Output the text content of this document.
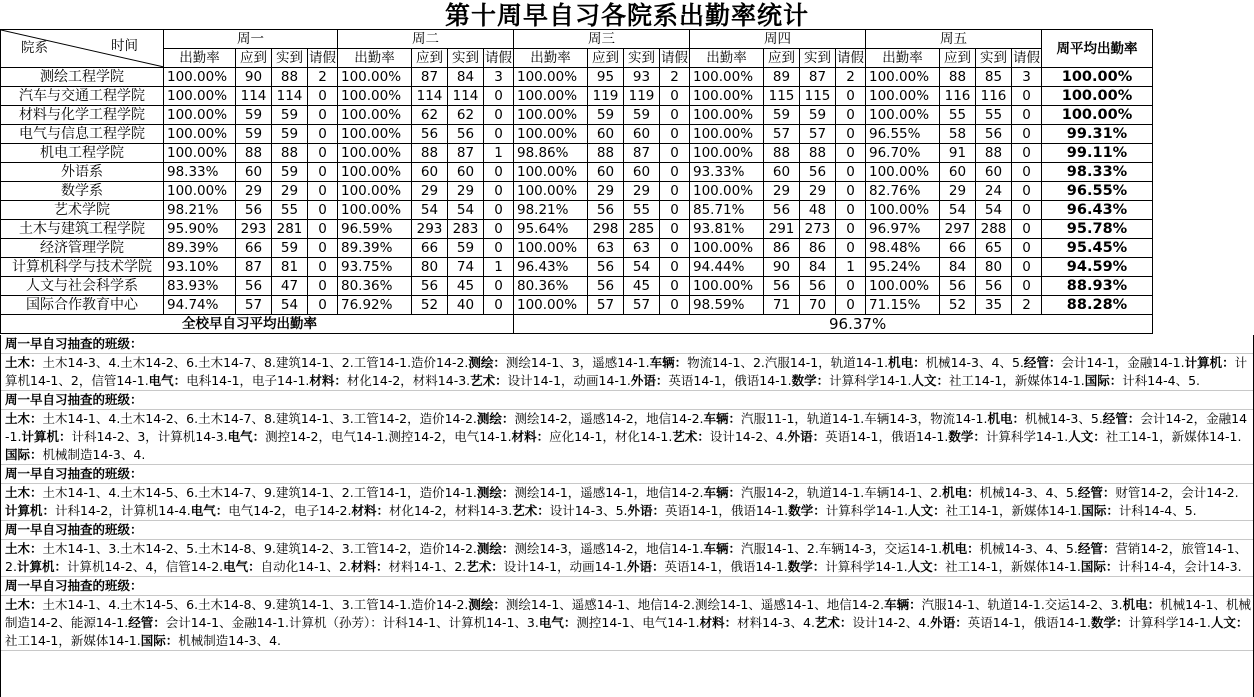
第十周早自习各院系出勤率统计
院系 时间	周一				周二				周三				周四				周五				周平均出勤率
	出勤率	应到	实到	请假	出勤率	应到	实到	请假	出勤率	应到	实到	请假	出勤率	应到	实到	请假	出勤率	应到	实到	请假	
测绘工程学院	100.00%	90	88	2	100.00%	87	84	3	100.00%	95	93	2	100.00%	89	87	2	100.00%	88	85	3	100.00%
汽车与交通工程学院	100.00%	114	114	0	100.00%	114	114	0	100.00%	119	119	0	100.00%	115	115	0	100.00%	116	116	0	100.00%
材料与化学工程学院	100.00%	59	59	0	100.00%	62	62	0	100.00%	59	59	0	100.00%	59	59	0	100.00%	55	55	0	100.00%
电气与信息工程学院	100.00%	59	59	0	100.00%	56	56	0	100.00%	60	60	0	100.00%	57	57	0	96.55%	58	56	0	99.31%
机电工程学院	100.00%	88	88	0	100.00%	88	87	1	98.86%	88	87	0	100.00%	88	88	0	96.70%	91	88	0	99.11%
外语系	98.33%	60	59	0	100.00%	60	60	0	100.00%	60	60	0	93.33%	60	56	0	100.00%	60	60	0	98.33%
数学系	100.00%	29	29	0	100.00%	29	29	0	100.00%	29	29	0	100.00%	29	29	0	82.76%	29	24	0	96.55%
艺术学院	98.21%	56	55	0	100.00%	54	54	0	98.21%	56	55	0	85.71%	56	48	0	100.00%	54	54	0	96.43%
土木与建筑工程学院	95.90%	293	281	0	96.59%	293	283	0	95.64%	298	285	0	93.81%	291	273	0	96.97%	297	288	0	95.78%
经济管理学院	89.39%	66	59	0	89.39%	66	59	0	100.00%	63	63	0	100.00%	86	86	0	98.48%	66	65	0	95.45%
计算机科学与技术学院	93.10%	87	81	0	93.75%	80	74	1	96.43%	56	54	0	94.44%	90	84	1	95.24%	84	80	0	94.59%
人文与社会科学系	83.93%	56	47	0	80.36%	56	45	0	80.36%	56	45	0	100.00%	56	56	0	100.00%	56	56	0	88.93%
国际合作教育中心	94.74%	57	54	0	76.92%	52	40	0	100.00%	57	57	0	98.59%	71	70	0	71.15%	52	35	2	88.28%
全校早自习平均出勤率									96.37%												
周一早自习抽查的班级：
土木：土木14-3、4.土木14-2、6.土木14-7、8.建筑14-1、2.工管14-1.造价14-2.测绘：测绘14-1、3，遥感14-1.车辆：物流14-1、2.汽服14-1，轨道14-1.机电：机械14-3、4、5.经管：会计14-1，金融14-1.计算机：计算机14-1、2，信管14-1.电气：电科14-1，电子14-1.材料：材化14-2，材料14-3.艺术：设计14-1，动画14-1.外语：英语14-1，俄语14-1.数学：计算科学14-1.人文：社工14-1，新媒体14-1.国际：计科14-4、5.
周一早自习抽查的班级：
土木：土木14-1、4.土木14-2、6.土木14-7、8.建筑14-1、3.工管14-2，造价14-2.测绘：测绘14-2，遥感14-2，地信14-2.车辆：汽服11-1，轨道14-1.车辆14-3，物流14-1.机电：机械14-3、5.经管：会计14-2，金融14-1.计算机：计科14-2、3，计算机14-3.电气：测控14-2，电气14-1.测控14-2，电气14-1.材料：应化14-1，材化14-1.艺术：设计14-2、4.外语：英语14-1，俄语14-1.数学：计算科学14-1.人文：社工14-1，新媒体14-1.国际：机械制造14-3、4.
周一早自习抽查的班级：
土木：土木14-1、4.土木14-5、6.土木14-7、9.建筑14-1、2.工管14-1，造价14-1.测绘：测绘14-1，遥感14-1，地信14-2.车辆：汽服14-2，轨道14-1.车辆14-1、2.机电：机械14-3、4、5.经管：财管14-2，会计14-2.计算机：计科14-2，计算机14-4.电气：电气14-2，电子14-2.材料：材化14-2，材料14-3.艺术：设计14-3、5.外语：英语14-1，俄语14-1.数学：计算科学14-1.人文：社工14-1，新媒体14-1.国际：计科14-4、5.
周一早自习抽查的班级：
土木：土木14-1、3.土木14-2、5.土木14-8、9.建筑14-2、3.工管14-2，造价14-2.测绘：测绘14-3，遥感14-2，地信14-1.车辆：汽服14-1、2.车辆14-3，交运14-1.机电：机械14-3、4、5.经管：营销14-2，旅管14-1、2.计算机：计算机14-2、4，信管14-2.电气：自动化14-1、2.材料：材料14-1、2.艺术：设计14-1，动画14-1.外语：英语14-1，俄语14-1.数学：计算科学14-1.人文：社工14-1，新媒体14-1.国际：计科14-4，会计14-3.
周一早自习抽查的班级：
土木：土木14-1、4.土木14-5、6.土木14-8、9.建筑14-1、3.工管14-1.造价14-2.测绘：测绘14-1、遥感14-1、地信14-2.测绘14-1、遥感14-1、地信14-2.车辆：汽服14-1、轨道14-1.交运14-2、3.机电：机械14-1、机械制造14-2、能源14-1.经管：会计14-1、金融14-1.计算机（孙芳）：计科14-1、计算机14-1、3.电气：测控14-1、电气14-1.材料：材料14-3、4.艺术：设计14-2、4.外语：英语14-1，俄语14-1.数学：计算科学14-1.人文：社工14-1，新媒体14-1.国际：机械制造14-3、4.
